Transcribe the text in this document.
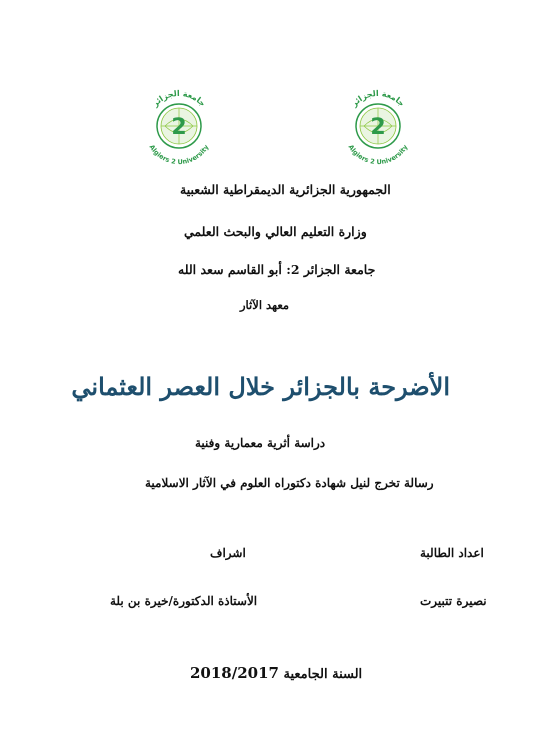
2
جامعة الجزائر
Algiers 2 University
2
جامعة الجزائر
Algiers 2 University
الجمهورية الجزائرية الديمقراطية الشعبية
وزارة التعليم العالي والبحث العلمي
جامعة الجزائر 2: أبو القاسم سعد الله
معهد الآثار
الأضرحة بالجزائر خلال العصر العثماني
دراسة أثرية معمارية وفنية
رسالة تخرج لنيل شهادة دكتوراه العلوم في الآثار الاسلامية
اعداد الطالبة
اشراف
نصيرة تتبيرت
الأستاذة الدكتورة/خيرة بن بلة
السنة الجامعية 2018/2017
